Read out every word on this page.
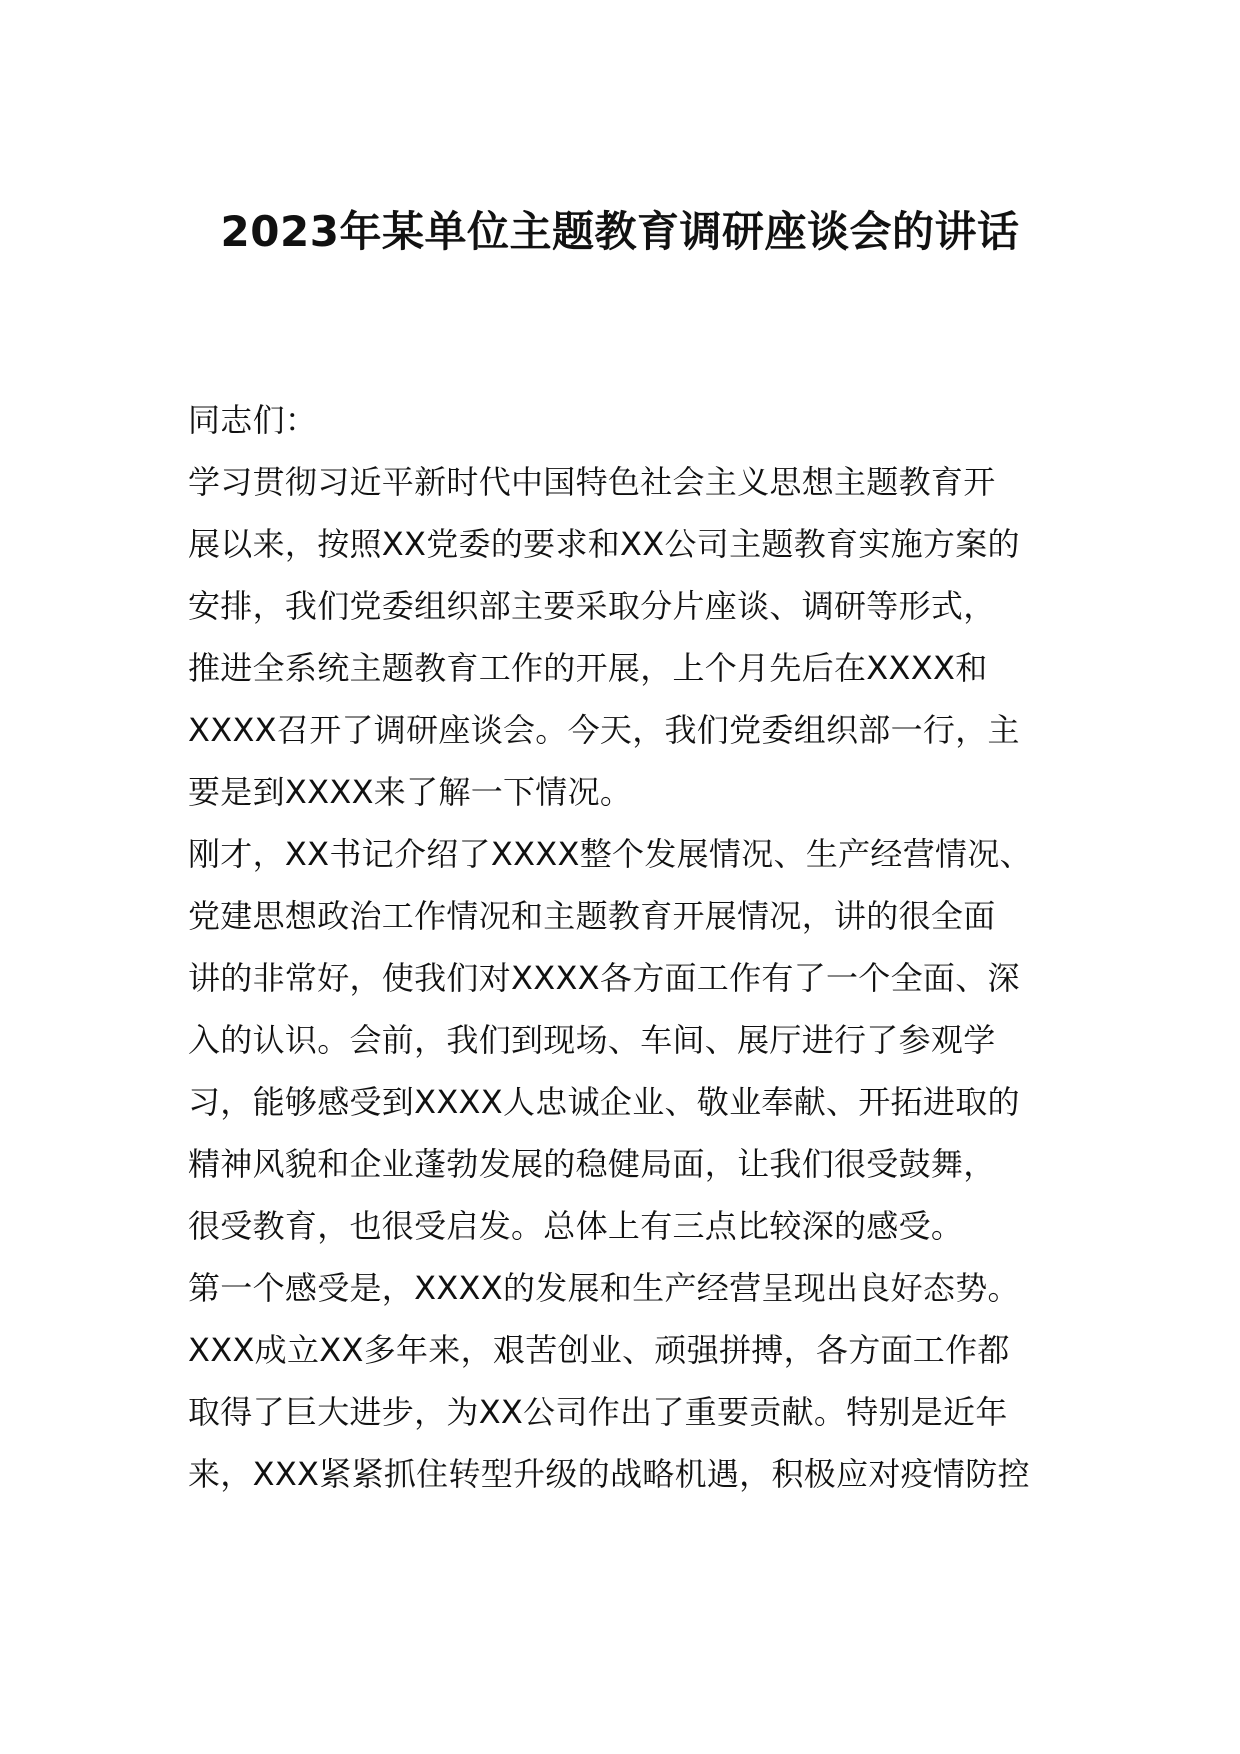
2023年某单位主题教育调研座谈会的讲话
同志们：
学习贯彻习近平新时代中国特色社会主义思想主题教育开
展以来，按照XX党委的要求和XX公司主题教育实施方案的
安排，我们党委组织部主要采取分片座谈、调研等形式，
推进全系统主题教育工作的开展，上个月先后在XXXX和
XXXX召开了调研座谈会。今天，我们党委组织部一行，主
要是到XXXX来了解一下情况。
刚才，XX书记介绍了XXXX整个发展情况、生产经营情况、
党建思想政治工作情况和主题教育开展情况，讲的很全面
讲的非常好，使我们对XXXX各方面工作有了一个全面、深
入的认识。会前，我们到现场、车间、展厅进行了参观学
习，能够感受到XXXX人忠诚企业、敬业奉献、开拓进取的
精神风貌和企业蓬勃发展的稳健局面，让我们很受鼓舞，
很受教育，也很受启发。总体上有三点比较深的感受。
第一个感受是，XXXX的发展和生产经营呈现出良好态势。
XXX成立XX多年来，艰苦创业、顽强拼搏，各方面工作都
取得了巨大进步，为XX公司作出了重要贡献。特别是近年
来，XXX紧紧抓住转型升级的战略机遇，积极应对疫情防控
